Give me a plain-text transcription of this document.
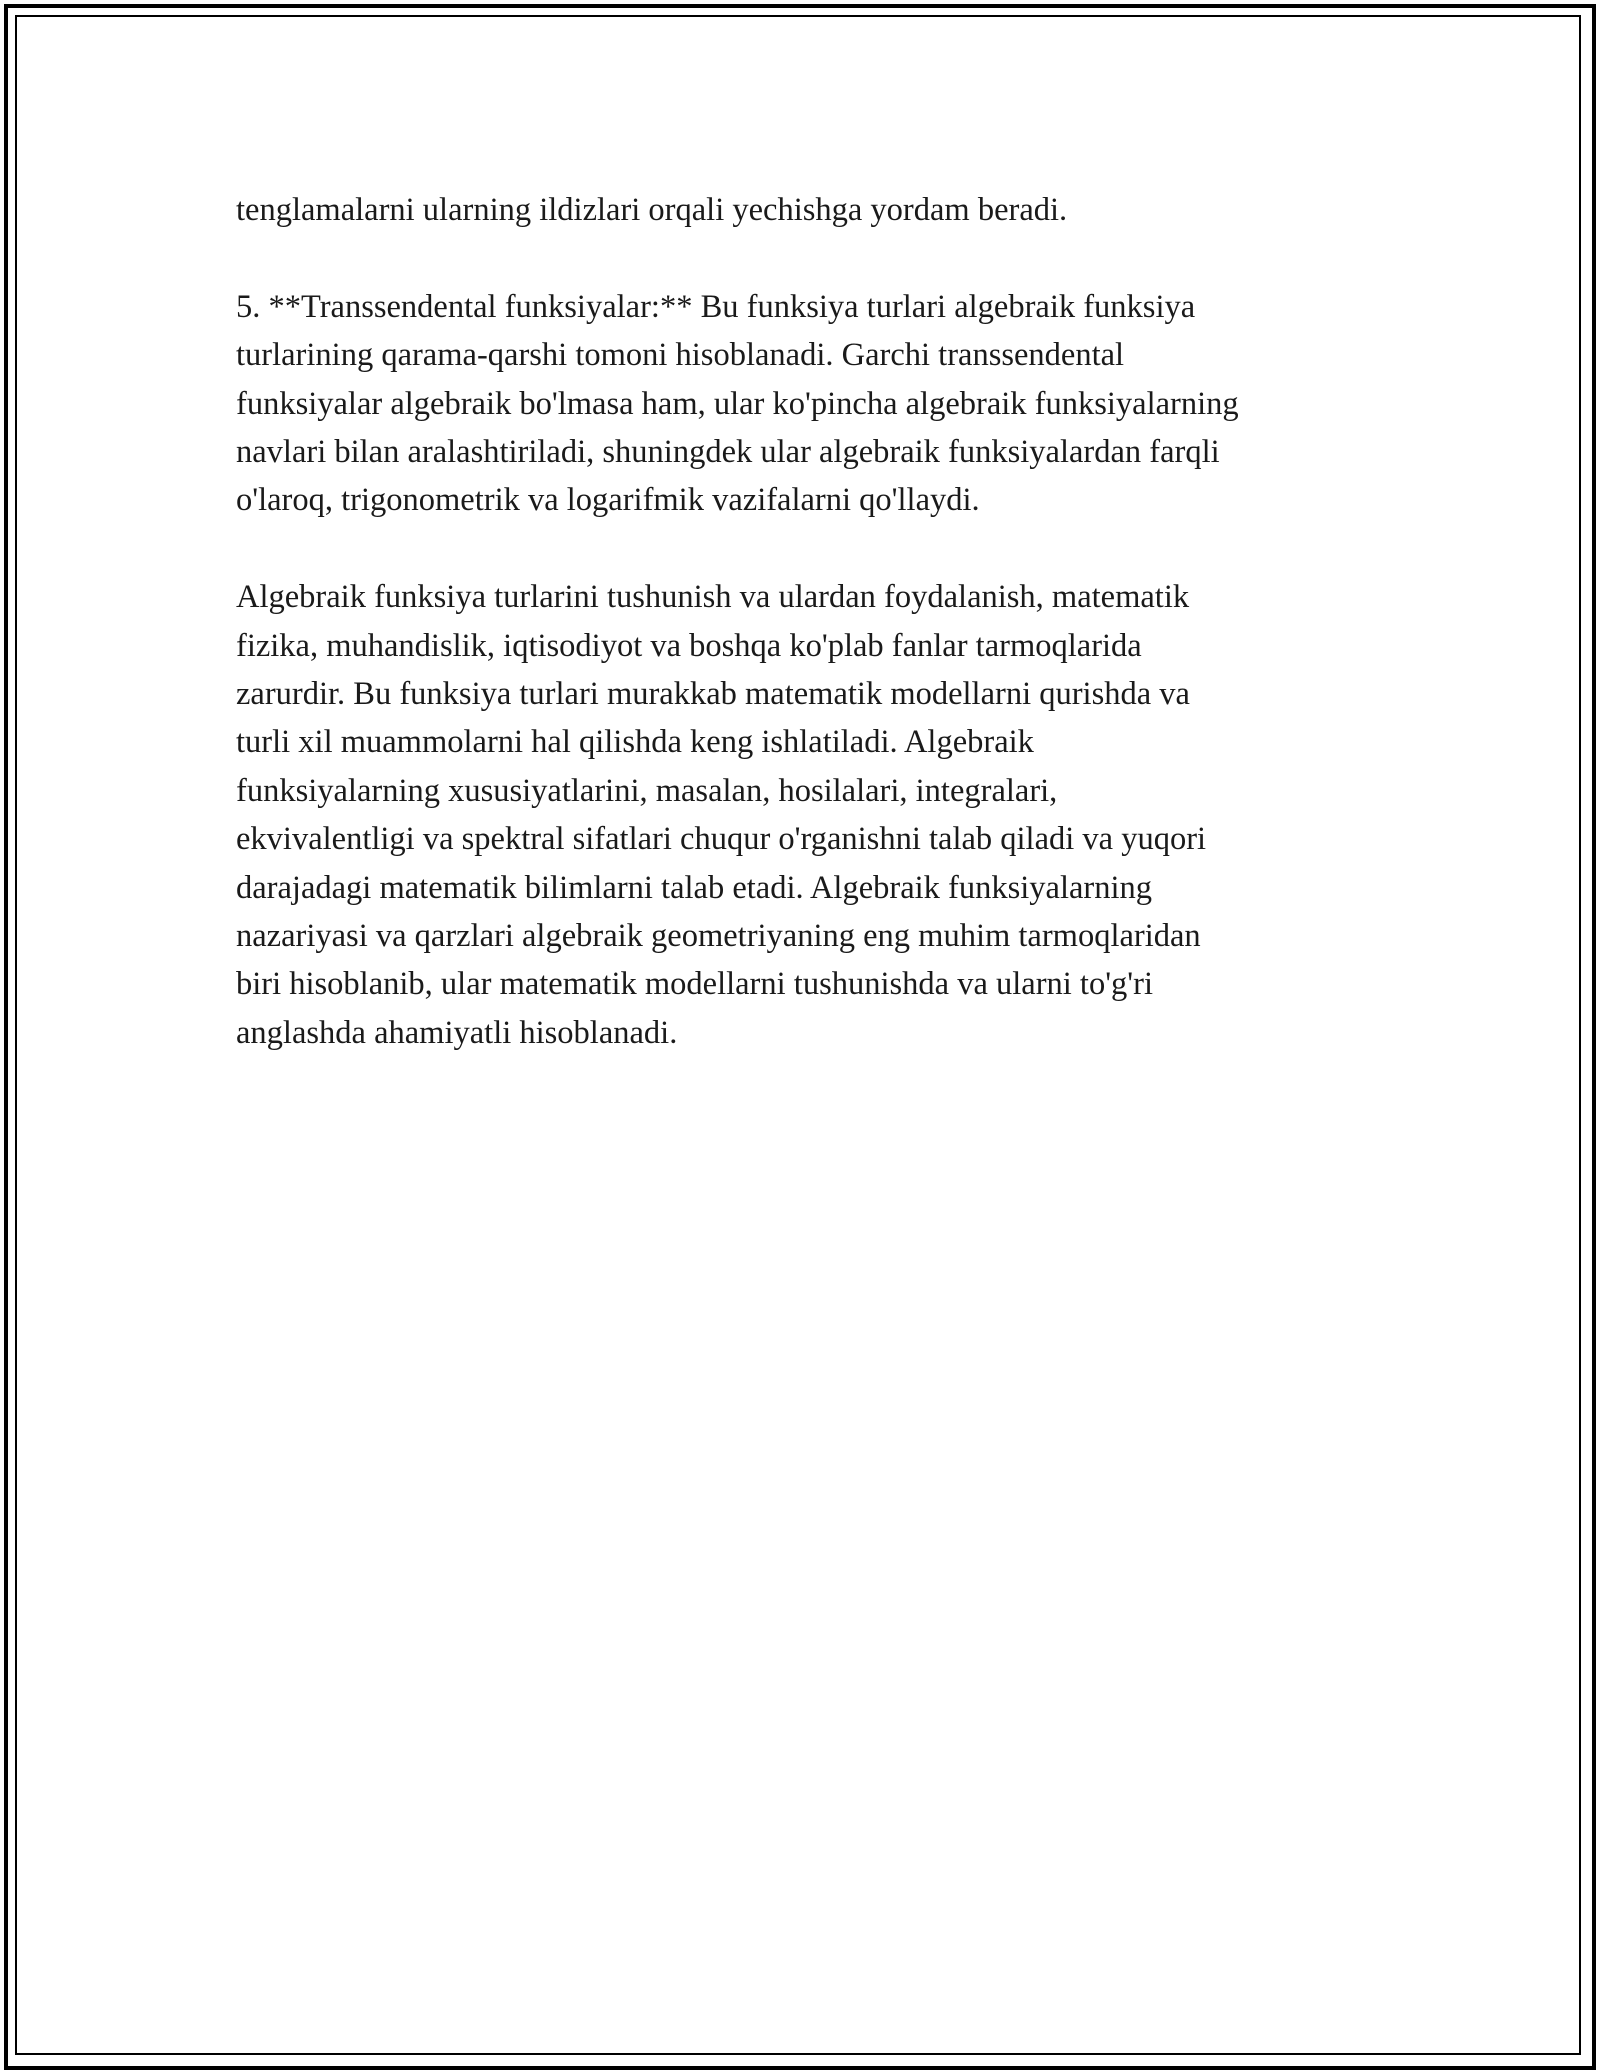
tenglamalarni ularning ildizlari orqali yechishga yordam beradi.

5. **Transsendental funksiyalar:** Bu funksiya turlari algebraik funksiya
turlarining qarama-qarshi tomoni hisoblanadi. Garchi transsendental
funksiyalar algebraik bo'lmasa ham, ular ko'pincha algebraik funksiyalarning
navlari bilan aralashtiriladi, shuningdek ular algebraik funksiyalardan farqli
o'laroq, trigonometrik va logarifmik vazifalarni qo'llaydi.

Algebraik funksiya turlarini tushunish va ulardan foydalanish, matematik
fizika, muhandislik, iqtisodiyot va boshqa ko'plab fanlar tarmoqlarida
zarurdir. Bu funksiya turlari murakkab matematik modellarni qurishda va
turli xil muammolarni hal qilishda keng ishlatiladi. Algebraik
funksiyalarning xususiyatlarini, masalan, hosilalari, integralari,
ekvivalentligi va spektral sifatlari chuqur o'rganishni talab qiladi va yuqori
darajadagi matematik bilimlarni talab etadi. Algebraik funksiyalarning
nazariyasi va qarzlari algebraik geometriyaning eng muhim tarmoqlaridan
biri hisoblanib, ular matematik modellarni tushunishda va ularni to'g'ri
anglashda ahamiyatli hisoblanadi.
